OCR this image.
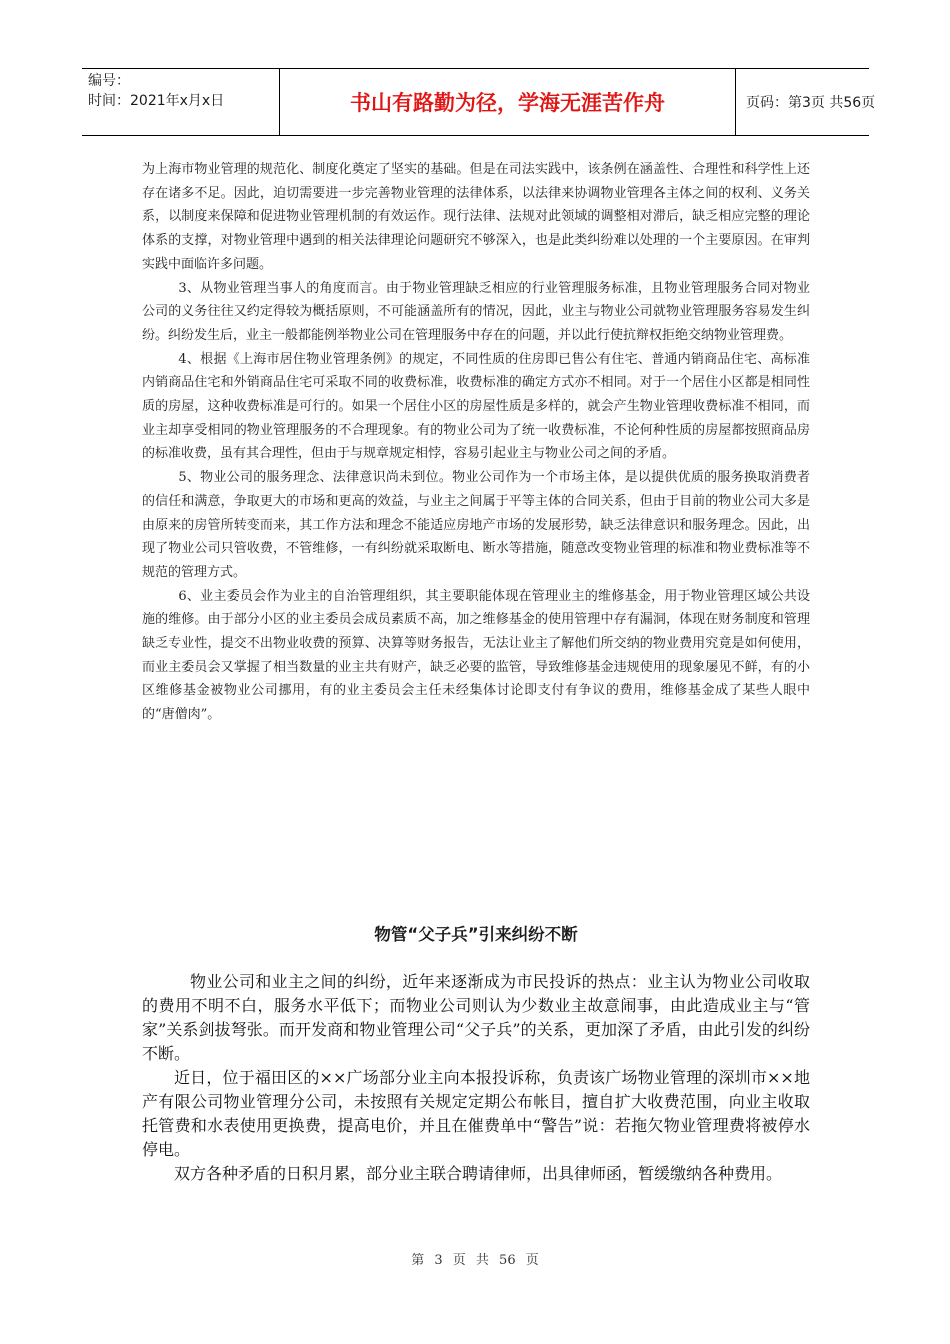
编号：
时间：2021年x月x日	书山有路勤为径，学海无涯苦作舟	页码：第3页 共56页

为上海市物业管理的规范化、制度化奠定了坚实的基础。但是在司法实践中，该条例在涵盖性、合理性和科学性上还存在诸多不足。因此，迫切需要进一步完善物业管理的法律体系，以法律来协调物业管理各主体之间的权利、义务关系，以制度来保障和促进物业管理机制的有效运作。现行法律、法规对此领域的调整相对滞后，缺乏相应完整的理论体系的支撑，对物业管理中遇到的相关法律理论问题研究不够深入，也是此类纠纷难以处理的一个主要原因。在审判实践中面临许多问题。

3、从物业管理当事人的角度而言。由于物业管理缺乏相应的行业管理服务标准，且物业管理服务合同对物业公司的义务往往又约定得较为概括原则，不可能涵盖所有的情况，因此，业主与物业公司就物业管理服务容易发生纠纷。纠纷发生后，业主一般都能例举物业公司在管理服务中存在的问题，并以此行使抗辩权拒绝交纳物业管理费。

4、根据《上海市居住物业管理条例》的规定，不同性质的住房即已售公有住宅、普通内销商品住宅、高标准内销商品住宅和外销商品住宅可采取不同的收费标准，收费标准的确定方式亦不相同。对于一个居住小区都是相同性质的房屋，这种收费标准是可行的。如果一个居住小区的房屋性质是多样的，就会产生物业管理收费标准不相同，而业主却享受相同的物业管理服务的不合理现象。有的物业公司为了统一收费标准，不论何种性质的房屋都按照商品房的标准收费，虽有其合理性，但由于与规章规定相悖，容易引起业主与物业公司之间的矛盾。

5、物业公司的服务理念、法律意识尚未到位。物业公司作为一个市场主体，是以提供优质的服务换取消费者的信任和满意，争取更大的市场和更高的效益，与业主之间属于平等主体的合同关系，但由于目前的物业公司大多是由原来的房管所转变而来，其工作方法和理念不能适应房地产市场的发展形势，缺乏法律意识和服务理念。因此，出现了物业公司只管收费，不管维修，一有纠纷就采取断电、断水等措施，随意改变物业管理的标准和物业费标准等不规范的管理方式。

6、业主委员会作为业主的自治管理组织，其主要职能体现在管理业主的维修基金，用于物业管理区域公共设施的维修。由于部分小区的业主委员会成员素质不高，加之维修基金的使用管理中存有漏洞，体现在财务制度和管理缺乏专业性，提交不出物业收费的预算、决算等财务报告，无法让业主了解他们所交纳的物业费用究竟是如何使用，而业主委员会又掌握了相当数量的业主共有财产，缺乏必要的监管，导致维修基金违规使用的现象屡见不鲜，有的小区维修基金被物业公司挪用，有的业主委员会主任未经集体讨论即支付有争议的费用，维修基金成了某些人眼中的“唐僧肉”。

物管“父子兵”引来纠纷不断

物业公司和业主之间的纠纷，近年来逐渐成为市民投诉的热点：业主认为物业公司收取的费用不明不白，服务水平低下；而物业公司则认为少数业主故意闹事，由此造成业主与“管家”关系剑拔弩张。而开发商和物业管理公司“父子兵”的关系，更加深了矛盾，由此引发的纠纷不断。

近日，位于福田区的××广场部分业主向本报投诉称，负责该广场物业管理的深圳市××地产有限公司物业管理分公司，未按照有关规定定期公布帐目，擅自扩大收费范围，向业主收取托管费和水表使用更换费，提高电价，并且在催费单中“警告”说：若拖欠物业管理费将被停水停电。

双方各种矛盾的日积月累，部分业主联合聘请律师，出具律师函，暂缓缴纳各种费用。

第 3 页 共 56 页
